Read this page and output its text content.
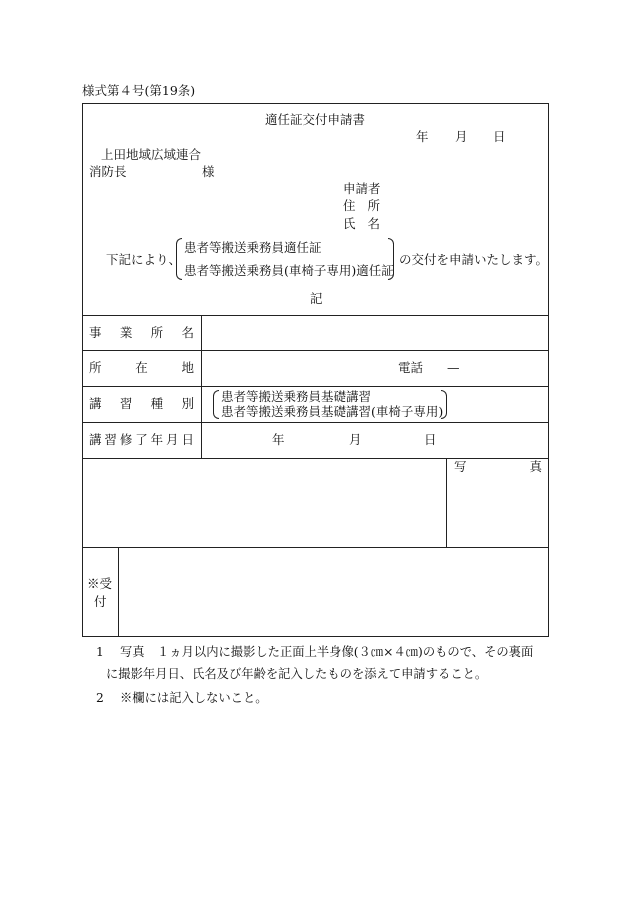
様式第４号(第19条)
適任証交付申請書
年 月 日
上田地域広域連合
消防長	様
申請者
住 所
氏 名
下記により、
患者等搬送乗務員適任証
患者等搬送乗務員(車椅子専用)適任証
の交付を申請いたします。
記
事 業 所 名
所	在	地	電話 —
講 習 種 別 患者等搬送乗務員基礎講習
患者等搬送乗務員基礎講習(車椅子専用)
講 習 修 了 年 月 日	年	月	日
写	真
※受
付
1 写真 １ヵ月以内に撮影した正面上半身像(３㎝×４㎝)のもので、その裏面
に撮影年月日、氏名及び年齢を記入したものを添えて申請すること。
2 ※欄には記入しないこと。
